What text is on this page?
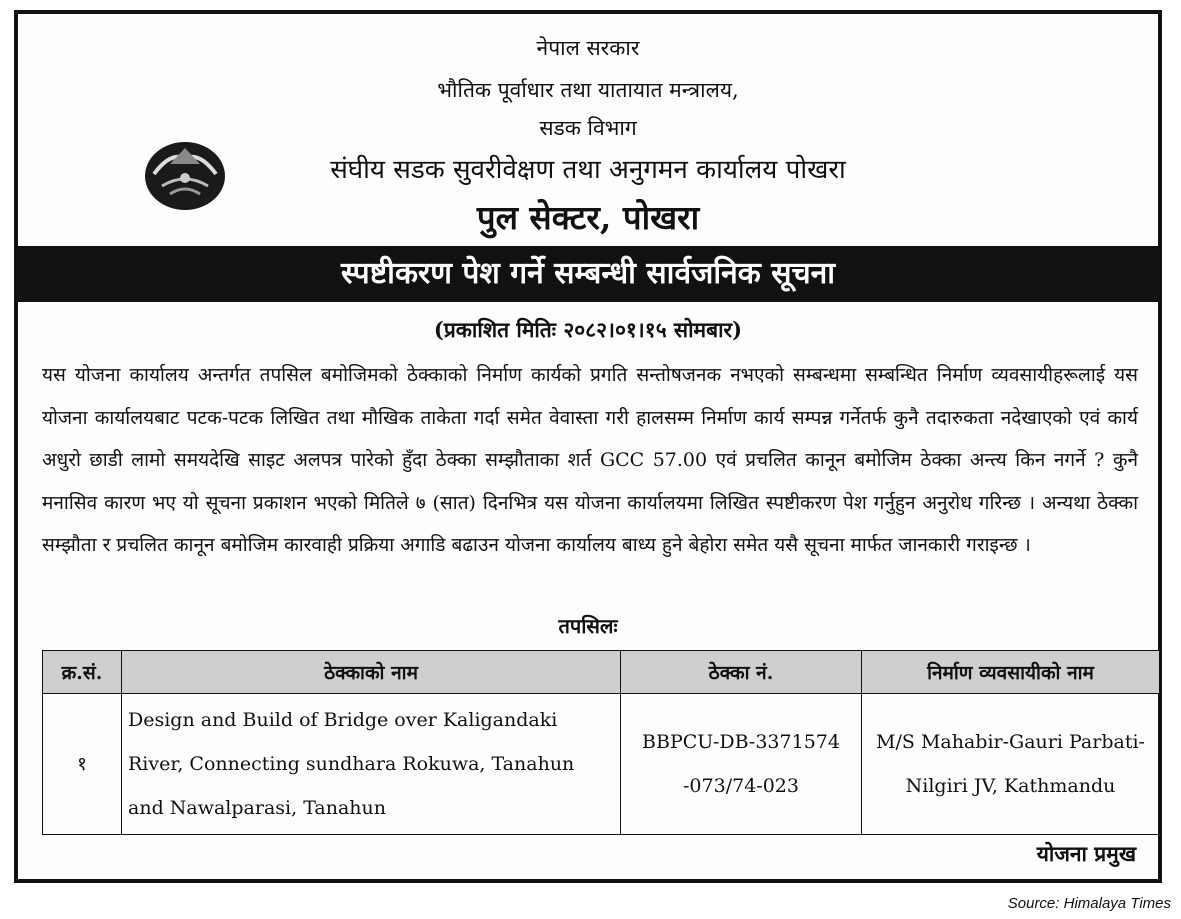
नेपाल सरकार
भौतिक पूर्वाधार तथा यातायात मन्त्रालय,
सडक विभाग
संघीय सडक सुवरीवेक्षण तथा अनुगमन कार्यालय पोखरा
पुल सेक्टर, पोखरा
स्पष्टीकरण पेश गर्ने सम्बन्धी सार्वजनिक सूचना
(प्रकाशित मितिः २०८२।०१।१५ सोमबार)
यस योजना कार्यालय अन्तर्गत तपसिल बमोजिमको ठेक्काको निर्माण कार्यको प्रगति सन्तोषजनक नभएको सम्बन्धमा सम्बन्धित निर्माण व्यवसायीहरूलाई यस योजना कार्यालयबाट पटक-पटक लिखित तथा मौखिक ताकेता गर्दा समेत वेवास्ता गरी हालसम्म निर्माण कार्य सम्पन्न गर्नेतर्फ कुनै तदारुकता नदेखाएको एवं कार्य अधुरो छाडी लामो समयदेखि साइट अलपत्र पारेको हुँदा ठेक्का सम्झौताका शर्त GCC 57.00 एवं प्रचलित कानून बमोजिम ठेक्का अन्त्य किन नगर्ने ? कुनै मनासिव कारण भए यो सूचना प्रकाशन भएको मितिले ७ (सात) दिनभित्र यस योजना कार्यालयमा लिखित स्पष्टीकरण पेश गर्नुहुन अनुरोध गरिन्छ । अन्यथा ठेक्का सम्झौता र प्रचलित कानून बमोजिम कारवाही प्रक्रिया अगाडि बढाउन योजना कार्यालय बाध्य हुने बेहोरा समेत यसै सूचना मार्फत जानकारी गराइन्छ ।
तपसिलः
क्र.सं.	ठेक्काको नाम	ठेक्का नं.	निर्माण व्यवसायीको नाम
१	Design and Build of Bridge over Kaligandaki River, Connecting sundhara Rokuwa, Tanahun and Nawalparasi, Tanahun	BBPCU-DB-3371574 -073/74-023	M/S Mahabir-Gauri Parbati-Nilgiri JV, Kathmandu
योजना प्रमुख
Source: Himalaya Times
